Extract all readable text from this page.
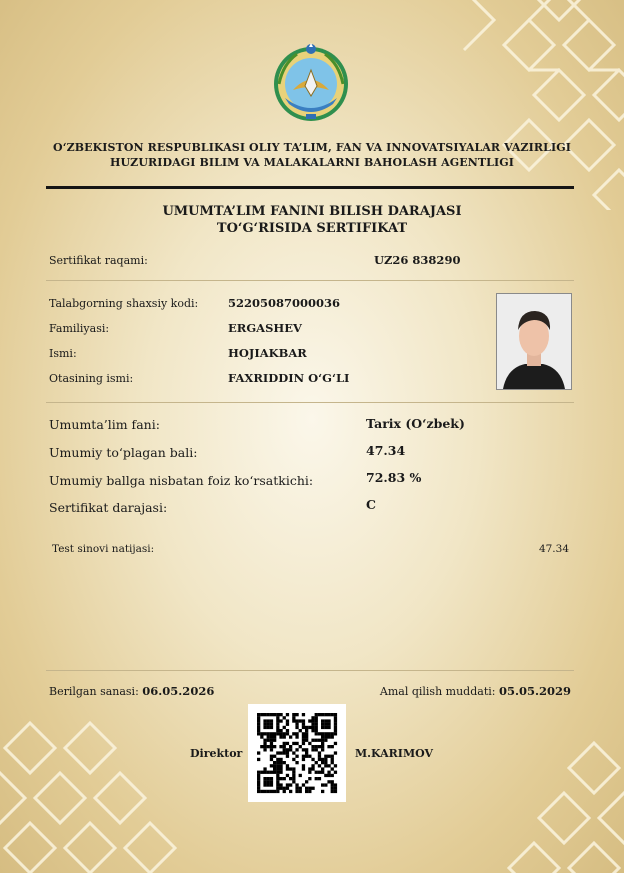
O‘ZBEKISTON RESPUBLIKASI OLIY TA’LIM, FAN VA INNOVATSIYALAR VAZIRLIGI
HUZURIDAGI BILIM VA MALAKALARNI BAHOLASH AGENTLIGI
UMUMTA’LIM FANINI BILISH DARAJASI
TO‘G‘RISIDA SERTIFIKAT
Sertifikat raqami:	UZ26 838290
Talabgorning shaxsiy kodi:	52205087000036
Familiyasi:	ERGASHEV
Ismi:	HOJIAKBAR
Otasining ismi:	FAXRIDDIN O‘G‘LI
Umumta’lim fani:	Tarix (O‘zbek)
Umumiy to‘plagan bali:	47.34
Umumiy ballga nisbatan foiz ko‘rsatkichi:	72.83 %
Sertifikat darajasi:	C
Test sinovi natijasi:	47.34
Berilgan sanasi: 06.05.2026	Amal qilish muddati: 05.05.2029
Direktor	M.KARIMOV
